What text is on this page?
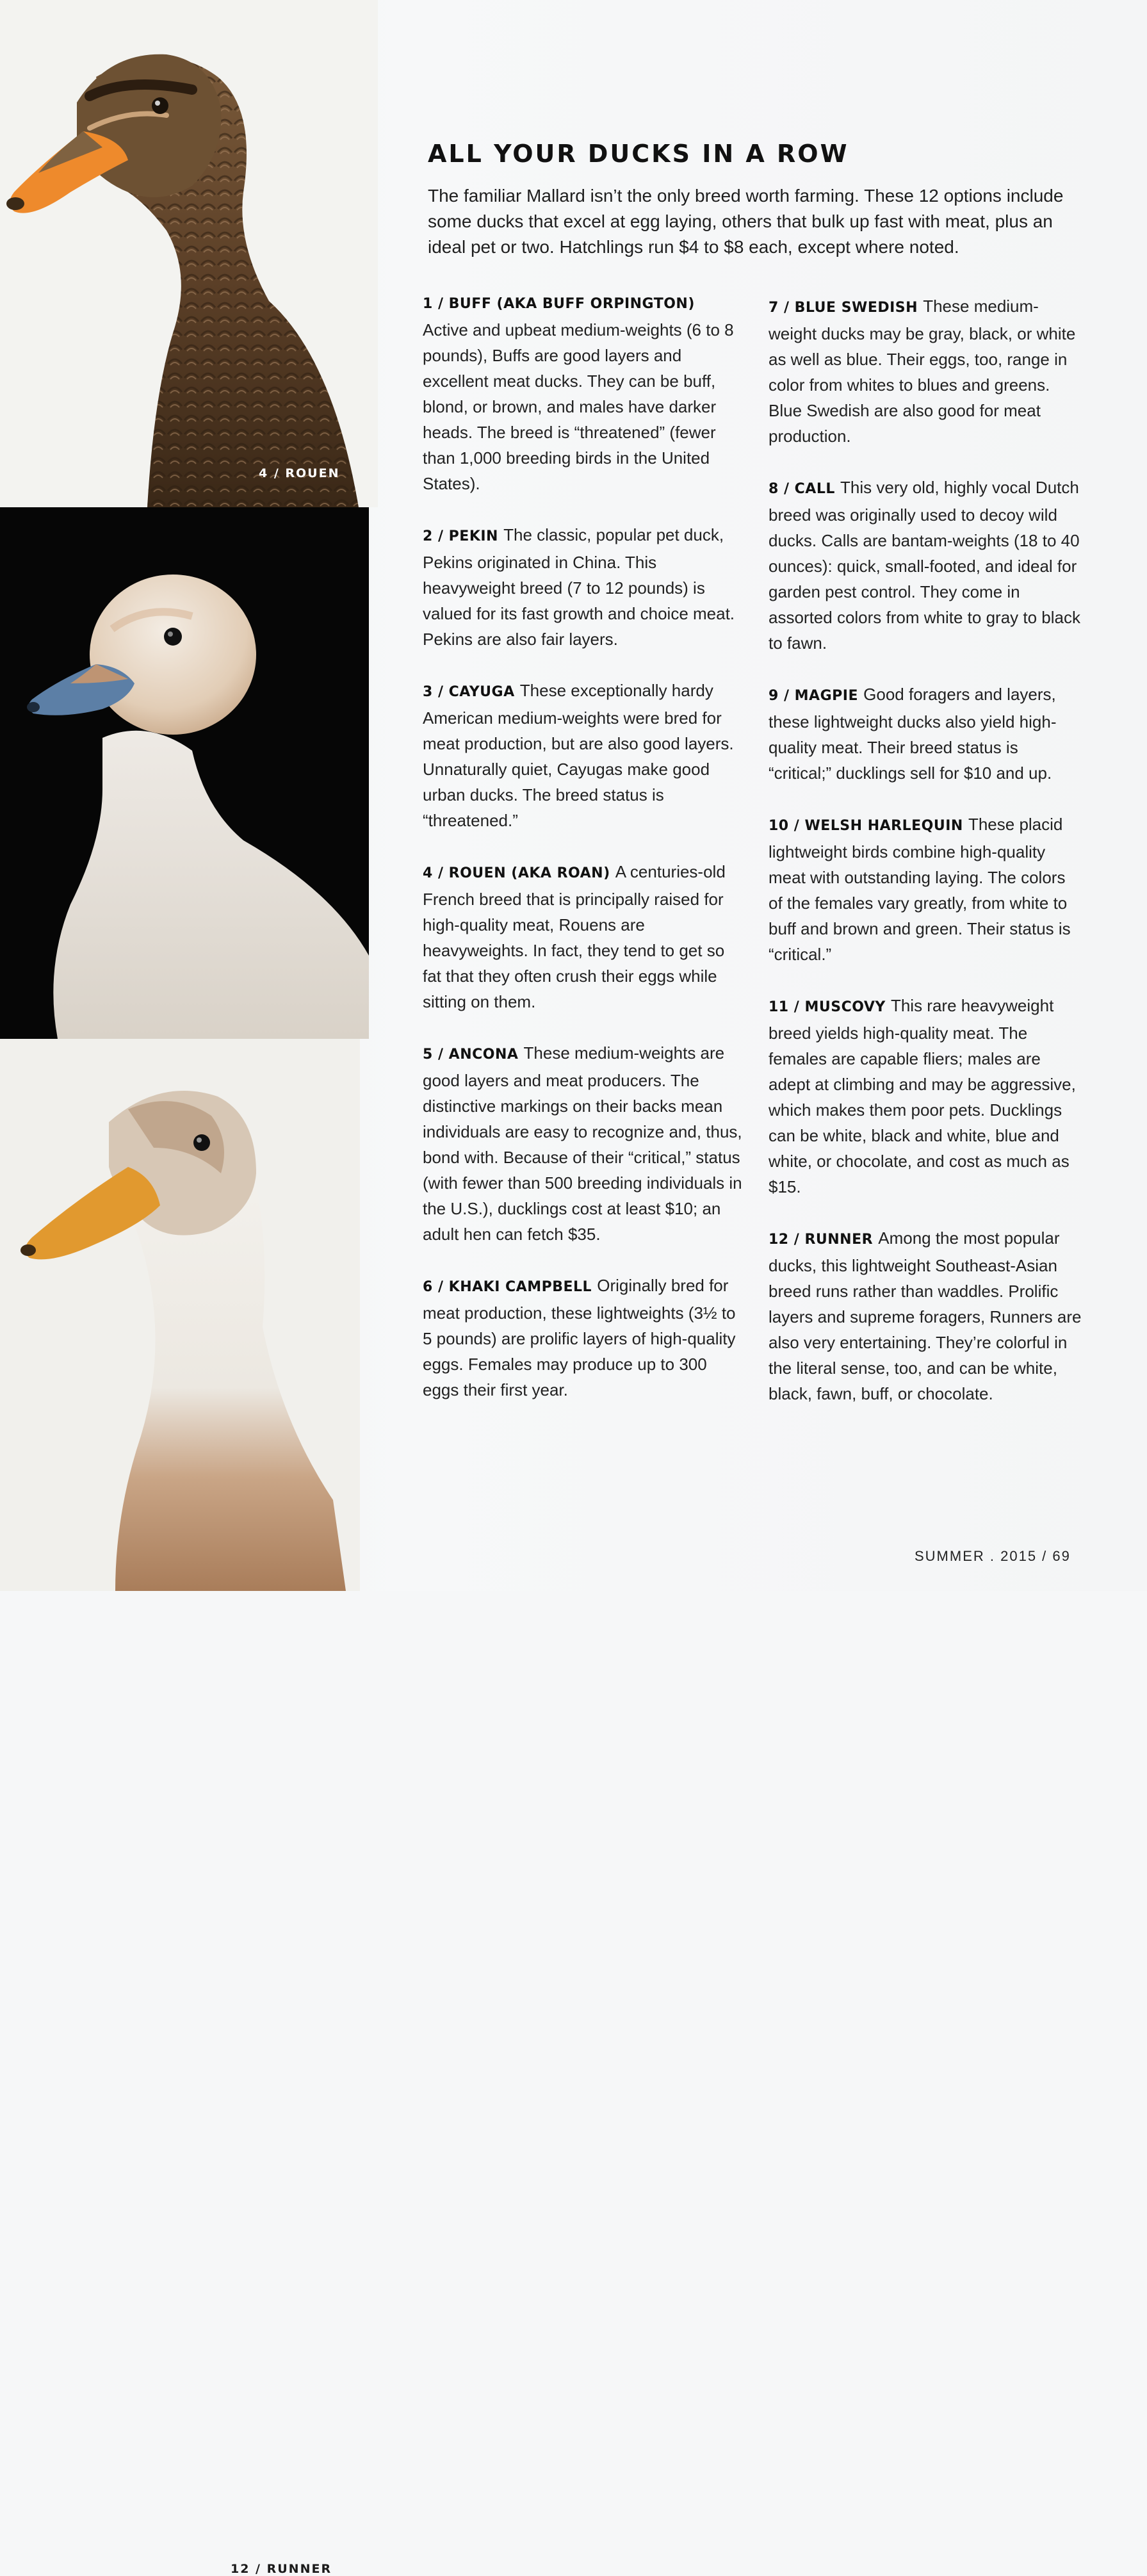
4 / ROUEN
12 / RUNNER
ALL YOUR DUCKS IN A ROW

The familiar Mallard isn’t the only breed worth farming. These 12 options include some ducks that excel at egg laying, others that bulk up fast with meat, plus an ideal pet or two. Hatchlings run $4 to $8 each, except where noted.

1 / BUFF (AKA BUFF ORPINGTON) Active and upbeat medium-weights (6 to 8 pounds), Buffs are good layers and excellent meat ducks. They can be buff, blond, or brown, and males have darker heads. The breed is “threatened” (fewer than 1,000 breeding birds in the United States).

2 / PEKIN The classic, popular pet duck, Pekins originated in China. This heavyweight breed (7 to 12 pounds) is valued for its fast growth and choice meat. Pekins are also fair layers.

3 / CAYUGA These exceptionally hardy American medium-weights were bred for meat production, but are also good layers. Unnaturally quiet, Cayugas make good urban ducks. The breed status is “threatened.”

4 / ROUEN (AKA ROAN) A centuries-old French breed that is principally raised for high-quality meat, Rouens are heavyweights. In fact, they tend to get so fat that they often crush their eggs while sitting on them.

5 / ANCONA These medium-weights are good layers and meat producers. The distinctive markings on their backs mean individuals are easy to recognize and, thus, bond with. Because of their “critical,” status (with fewer than 500 breeding individuals in the U.S.), ducklings cost at least $10; an adult hen can fetch $35.

6 / KHAKI CAMPBELL Originally bred for meat production, these lightweights (3½ to 5 pounds) are prolific layers of high-quality eggs. Females may produce up to 300 eggs their first year.

7 / BLUE SWEDISH These medium-weight ducks may be gray, black, or white as well as blue. Their eggs, too, range in color from whites to blues and greens. Blue Swedish are also good for meat production.

8 / CALL This very old, highly vocal Dutch breed was originally used to decoy wild ducks. Calls are bantam-weights (18 to 40 ounces): quick, small-footed, and ideal for garden pest control. They come in assorted colors from white to gray to black to fawn.

9 / MAGPIE Good foragers and layers, these lightweight ducks also yield high-quality meat. Their breed status is “critical;” ducklings sell for $10 and up.

10 / WELSH HARLEQUIN These placid lightweight birds combine high-quality meat with outstanding laying. The colors of the females vary greatly, from white to buff and brown and green. Their status is “critical.”

11 / MUSCOVY This rare heavyweight breed yields high-quality meat. The females are capable fliers; males are adept at climbing and may be aggressive, which makes them poor pets. Ducklings can be white, black and white, blue and white, or chocolate, and cost as much as $15.

12 / RUNNER Among the most popular ducks, this lightweight Southeast-Asian breed runs rather than waddles. Prolific layers and supreme foragers, Runners are also very entertaining. They’re colorful in the literal sense, too, and can be white, black, fawn, buff, or chocolate.

SUMMER . 2015 / 69
